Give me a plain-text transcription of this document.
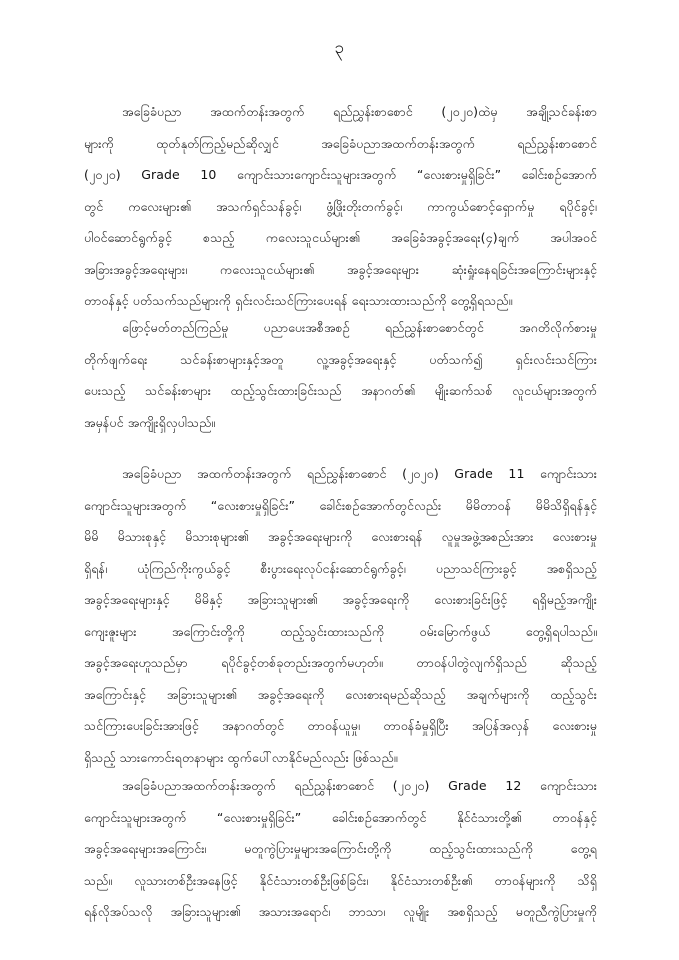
၃
အခြေခံပညာ အထက်တန်းအတွက် ရည်ညွှန်းစာစောင် (၂၀၂၀)ထဲမှ အချို့သင်ခန်းစာ
များကို ထုတ်နုတ်ကြည့်မည်ဆိုလျှင် အခြေခံပညာအထက်တန်းအတွက် ရည်ညွှန်းစာစောင်
(၂၀၂၀) Grade 10 ကျောင်းသားကျောင်းသူများအတွက် “လေးစားမှုရှိခြင်း” ခေါင်းစဉ်အောက်
တွင် ကလေးများ၏ အသက်ရှင်သန်ခွင့်၊ ဖွံ့ဖြိုးတိုးတက်ခွင့်၊ ကာကွယ်စောင့်ရှောက်မှု ရပိုင်ခွင့်၊
ပါဝင်ဆောင်ရွက်ခွင့် စသည့် ကလေးသူငယ်များ၏ အခြေခံအခွင့်အရေး(၄)ချက် အပါအဝင်
အခြားအခွင့်အရေးများ၊ ကလေးသူငယ်များ၏ အခွင့်အရေးများ ဆုံးရှုံးနေရခြင်းအကြောင်းများနှင့်
တာဝန်နှင့် ပတ်သက်သည်များကို ရှင်းလင်းသင်ကြားပေးရန် ရေးသားထားသည်ကို တွေ့ရှိရသည်။
ဖြောင့်မတ်တည်ကြည်မှု ပညာပေးအစီအစဉ် ရည်ညွှန်းစာစောင်တွင် အဂတိလိုက်စားမှု
တိုက်ဖျက်ရေး သင်ခန်းစာများနှင့်အတူ လူ့အခွင့်အရေးနှင့် ပတ်သက်၍ ရှင်းလင်းသင်ကြား
ပေးသည့် သင်ခန်းစာများ ထည့်သွင်းထားခြင်းသည် အနာဂတ်၏ မျိုးဆက်သစ် လူငယ်များအတွက်
အမှန်ပင် အကျိုးရှိလှပါသည်။
အခြေခံပညာ အထက်တန်းအတွက် ရည်ညွှန်းစာစောင် (၂၀၂၀) Grade 11 ကျောင်းသား
ကျောင်းသူများအတွက် “လေးစားမှုရှိခြင်း” ခေါင်းစဉ်အောက်တွင်လည်း မိမိတာဝန် မိမိသိရှိရန်နှင့်
မိမိ မိသားစုနှင့် မိသားစုများ၏ အခွင့်အရေးများကို လေးစားရန် လူမှုအဖွဲ့အစည်းအား လေးစားမှု
ရှိရန်၊ ယုံကြည်ကိုးကွယ်ခွင့် စီးပွားရေးလုပ်ငန်းဆောင်ရွက်ခွင့်၊ ပညာသင်ကြားခွင့် အစရှိသည့်
အခွင့်အရေးများနှင့် မိမိနှင့် အခြားသူများ၏ အခွင့်အရေးကို လေးစားခြင်းဖြင့် ရရှိမည့်အကျိုး
ကျေးဇူးများ အကြောင်းတို့ကို ထည့်သွင်းထားသည်ကို ဝမ်းမြောက်ဖွယ် တွေ့ရှိရပါသည်။
အခွင့်အရေးဟူသည်မှာ ရပိုင်ခွင့်တစ်ခုတည်းအတွက်မဟုတ်။ တာဝန်ပါတွဲလျက်ရှိသည် ဆိုသည့်
အကြောင်းနှင့် အခြားသူများ၏ အခွင့်အရေးကို လေးစားရမည်ဆိုသည့် အချက်များကို ထည့်သွင်း
သင်ကြားပေးခြင်းအားဖြင့် အနာဂတ်တွင် တာဝန်ယူမှု၊ တာဝန်ခံမှုရှိပြီး အပြန်အလှန် လေးစားမှု
ရှိသည့် သားကောင်းရတနာများ ထွက်ပေါ်လာနိုင်မည်လည်း ဖြစ်သည်။
အခြေခံပညာအထက်တန်းအတွက် ရည်ညွှန်းစာစောင် (၂၀၂၀) Grade 12 ကျောင်းသား
ကျောင်းသူများအတွက် “လေးစားမှုရှိခြင်း” ခေါင်းစဉ်အောက်တွင် နိုင်ငံသားတို့၏ တာဝန်နှင့်
အခွင့်အရေးများအကြောင်း၊ မတူကွဲပြားမှုများအကြောင်းတို့ကို ထည့်သွင်းထားသည်ကို တွေ့ရ
သည်။ လူသားတစ်ဦးအနေဖြင့် နိုင်ငံသားတစ်ဦးဖြစ်ခြင်း၊ နိုင်ငံသားတစ်ဦး၏ တာဝန်များကို သိရှိ
ရန်လိုအပ်သလို အခြားသူများ၏ အသားအရောင်၊ ဘာသာ၊ လူမျိုး အစရှိသည့် မတူညီကွဲပြားမှုကို
